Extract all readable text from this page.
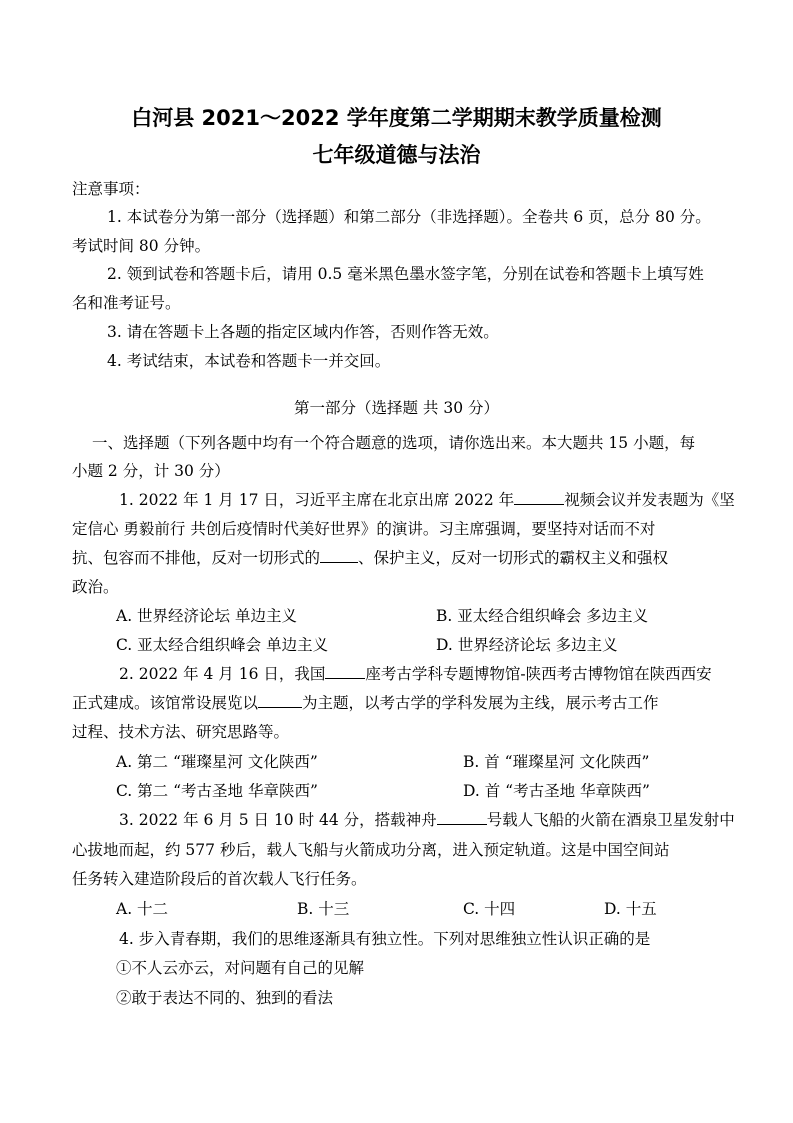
白河县 2021～2022 学年度第二学期期末教学质量检测
七年级道德与法治
注意事项：
1. 本试卷分为第一部分（选择题）和第二部分（非选择题）。全卷共 6 页，总分 80 分。
考试时间 80 分钟。
2. 领到试卷和答题卡后，请用 0.5 毫米黑色墨水签字笔，分别在试卷和答题卡上填写姓
名和准考证号。
3. 请在答题卡上各题的指定区域内作答，否则作答无效。
4. 考试结束，本试卷和答题卡一并交回。
第一部分（选择题 共 30 分）
一、选择题（下列各题中均有一个符合题意的选项，请你选出来。本大题共 15 小题，每
小题 2 分，计 30 分）
1. 2022 年 1 月 17 日，习近平主席在北京出席 2022 年	视频会议并发表题为《坚
定信心 勇毅前行 共创后疫情时代美好世界》的演讲。习主席强调，要坚持对话而不对
抗、包容而不排他，反对一切形式的 、保护主义，反对一切形式的霸权主义和强权
政治。
A. 世界经济论坛 单边主义	B. 亚太经合组织峰会 多边主义
C. 亚太经合组织峰会 单边主义	D. 世界经济论坛 多边主义
2. 2022 年 4 月 16 日，我国	座考古学科专题博物馆-陕西考古博物馆在陕西西安
正式建成。该馆常设展览以	为主题，以考古学的学科发展为主线，展示考古工作
过程、技术方法、研究思路等。
A. 第二 “璀璨星河 文化陕西”	B. 首 “璀璨星河 文化陕西”
C. 第二 “考古圣地 华章陕西”	D. 首 “考古圣地 华章陕西”
3. 2022 年 6 月 5 日 10 时 44 分，搭载神舟	号载人飞船的火箭在酒泉卫星发射中
心拔地而起，约 577 秒后，载人飞船与火箭成功分离，进入预定轨道。这是中国空间站
任务转入建造阶段后的首次载人飞行任务。
A. 十二	B. 十三	C. 十四	D. 十五
4. 步入青春期，我们的思维逐渐具有独立性。下列对思维独立性认识正确的是
①不人云亦云，对问题有自己的见解
②敢于表达不同的、独到的看法
